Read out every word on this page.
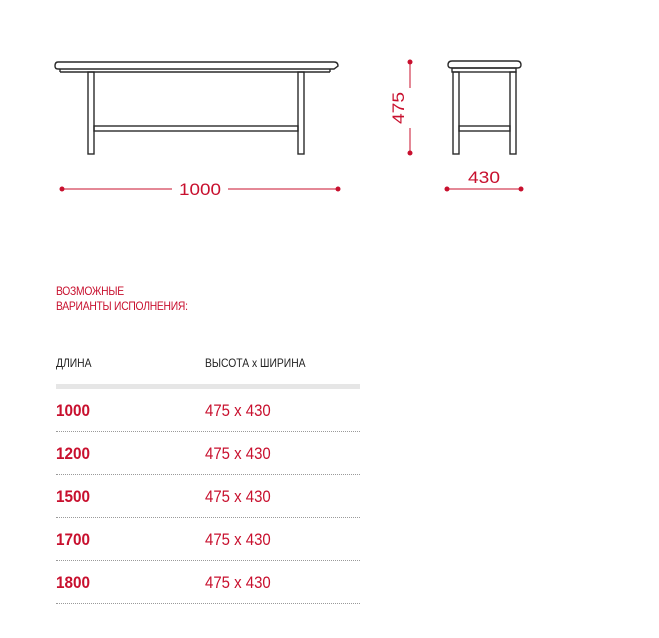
1000
475
430
ВОЗМОЖНЫЕ
ВАРИАНТЫ ИСПОЛНЕНИЯ:
ДЛИНА	ВЫСОТА x ШИРИНА
1000	475 x 430
1200	475 x 430
1500	475 x 430
1700	475 x 430
1800	475 x 430
